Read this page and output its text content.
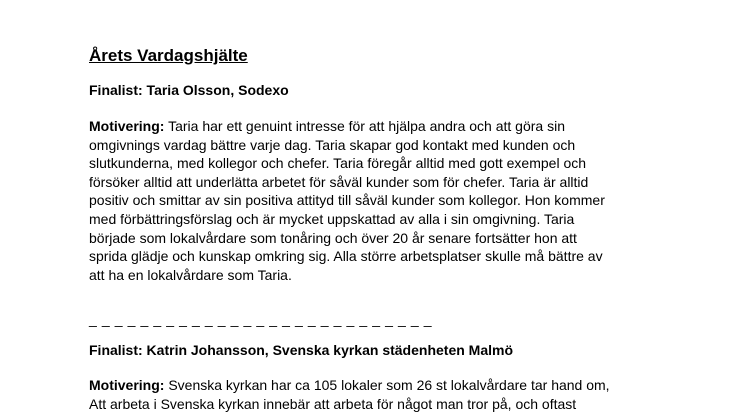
Årets Vardagshjälte

Finalist: Taria Olsson, Sodexo

Motivering: Taria har ett genuint intresse för att hjälpa andra och att göra sin
omgivnings vardag bättre varje dag. Taria skapar god kontakt med kunden och
slutkunderna, med kollegor och chefer. Taria föregår alltid med gott exempel och
försöker alltid att underlätta arbetet för såväl kunder som för chefer. Taria är alltid
positiv och smittar av sin positiva attityd till såväl kunder som kollegor. Hon kommer
med förbättringsförslag och är mycket uppskattad av alla i sin omgivning. Taria
började som lokalvårdare som tonåring och över 20 år senare fortsätter hon att
sprida glädje och kunskap omkring sig. Alla större arbetsplatser skulle må bättre av
att ha en lokalvårdare som Taria.

_ _ _ _ _ _ _ _ _ _ _ _ _ _ _ _ _ _ _ _ _ _ _ _ _ _ _

Finalist: Katrin Johansson, Svenska kyrkan städenheten Malmö

Motivering: Svenska kyrkan har ca 105 lokaler som 26 st lokalvårdare tar hand om,
Att arbeta i Svenska kyrkan innebär att arbeta för något man tror på, och oftast
